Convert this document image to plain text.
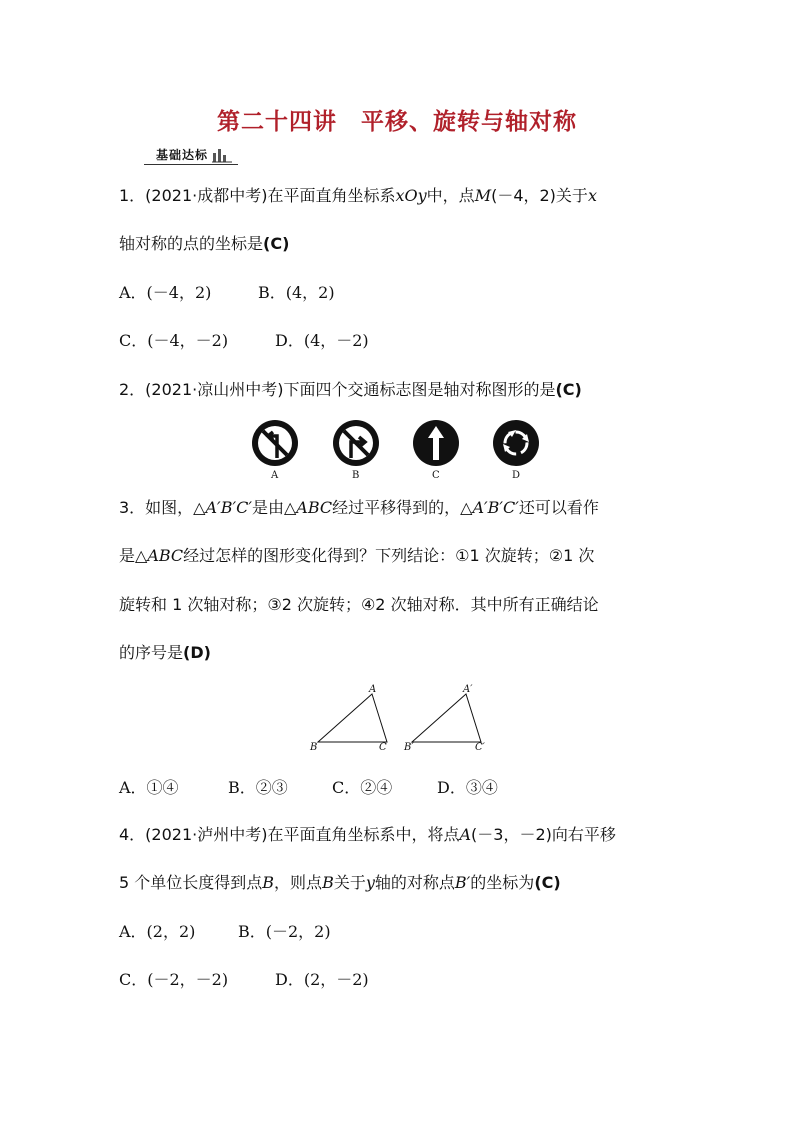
第二十四讲　平移、旋转与轴对称
基础达标
1．(2021·成都中考)在平面直角坐标系xOy中，点M(－4，2)关于x
轴对称的点的坐标是(C)
A．(－4，2)	B．(4，2)
C．(－4，－2)	D．(4，－2)
2．(2021·凉山州中考)下面四个交通标志图是轴对称图形的是(C)
A	B	C	D
3．如图，△A′B′C′是由△ABC经过平移得到的，△A′B′C′还可以看作
是△ABC经过怎样的图形变化得到？下列结论：①1 次旋转；②1 次
旋转和 1 次轴对称；③2 次旋转；④2 次轴对称．其中所有正确结论
的序号是(D)
A
B	C
A′
B′	C′
A．①④	B．②③	C．②④	D．③④
4．(2021·泸州中考)在平面直角坐标系中，将点A(－3，－2)向右平移
5 个单位长度得到点B，则点B关于y轴的对称点B′的坐标为(C)
A．(2，2)	B．(－2，2)
C．(－2，－2)	D．(2，－2)
